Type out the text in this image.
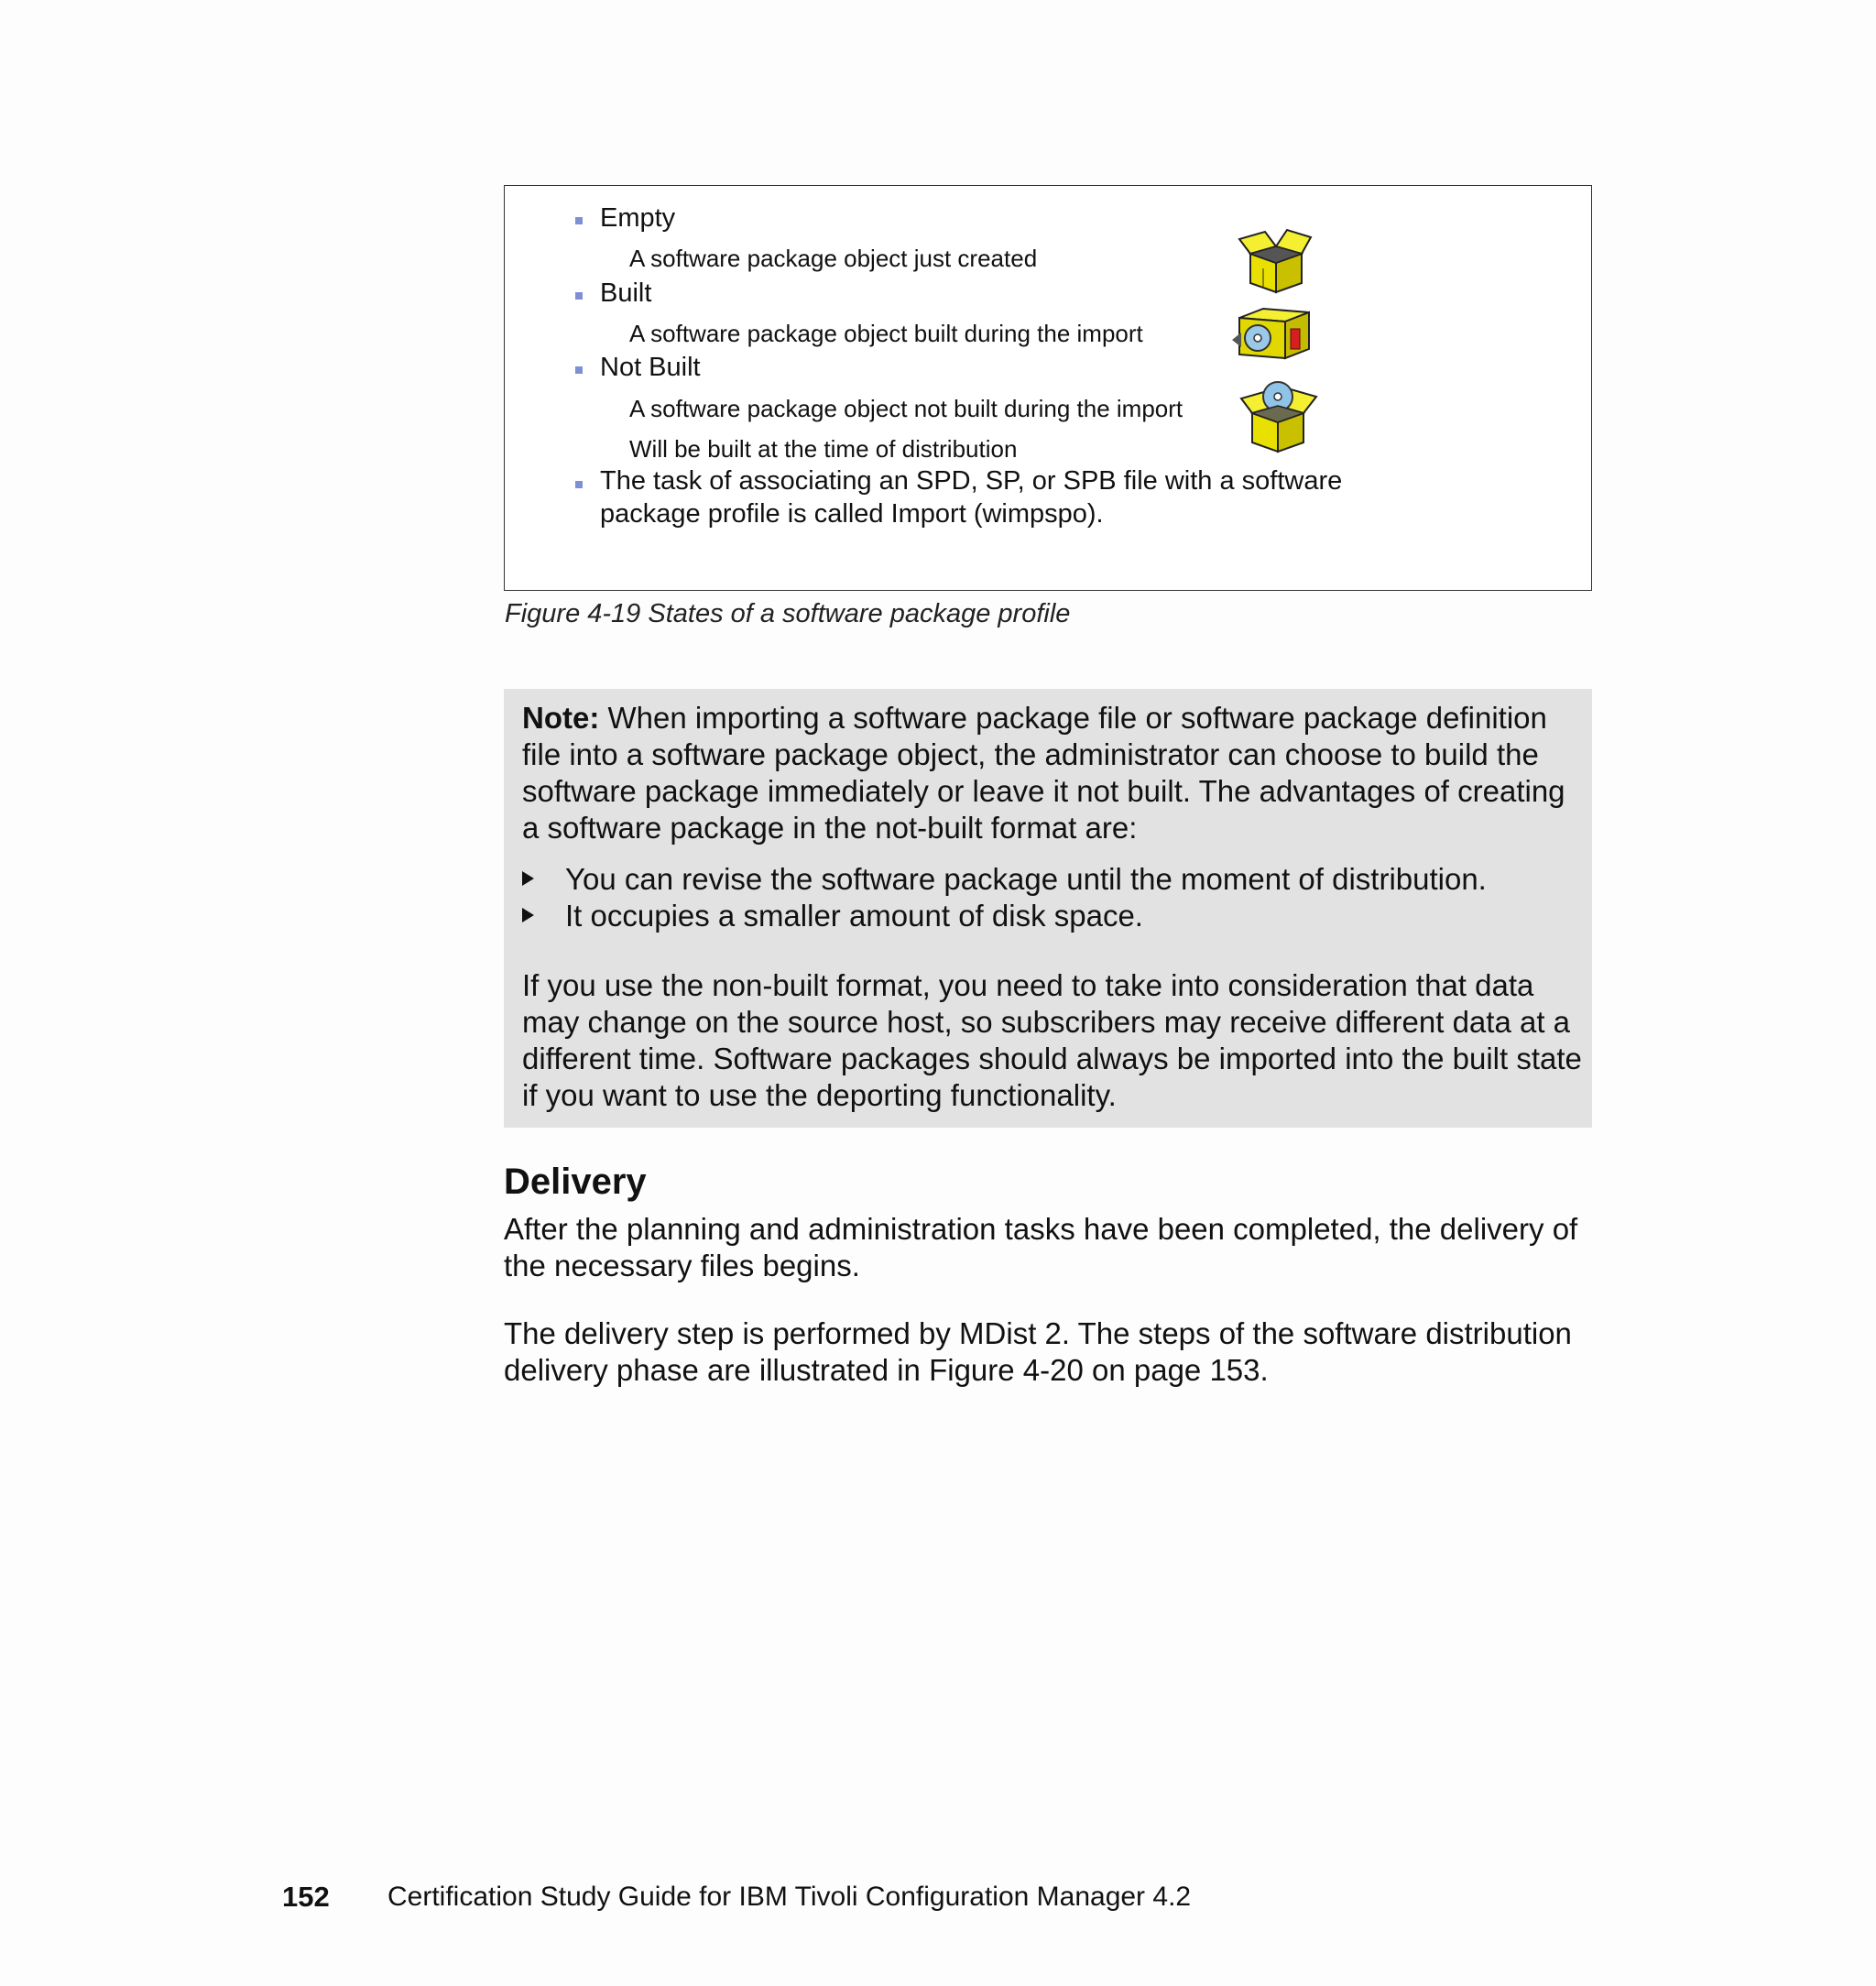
Empty
A software package object just created
Built
A software package object built during the import
Not Built
A software package object not built during the import
Will be built at the time of distribution
The task of associating an SPD, SP, or SPB file with a software
package profile is called Import (wimpspo).
Figure 4-19 States of a software package profile
Note: When importing a software package file or software package definition file into a software package object, the administrator can choose to build the software package immediately or leave it not built. The advantages of creating a software package in the not-built format are:
You can revise the software package until the moment of distribution.
It occupies a smaller amount of disk space.
If you use the non-built format, you need to take into consideration that data may change on the source host, so subscribers may receive different data at a different time. Software packages should always be imported into the built state if you want to use the deporting functionality.
Delivery
After the planning and administration tasks have been completed, the delivery of the necessary files begins.
The delivery step is performed by MDist 2. The steps of the software distribution delivery phase are illustrated in Figure 4-20 on page 153.
152 Certification Study Guide for IBM Tivoli Configuration Manager 4.2
